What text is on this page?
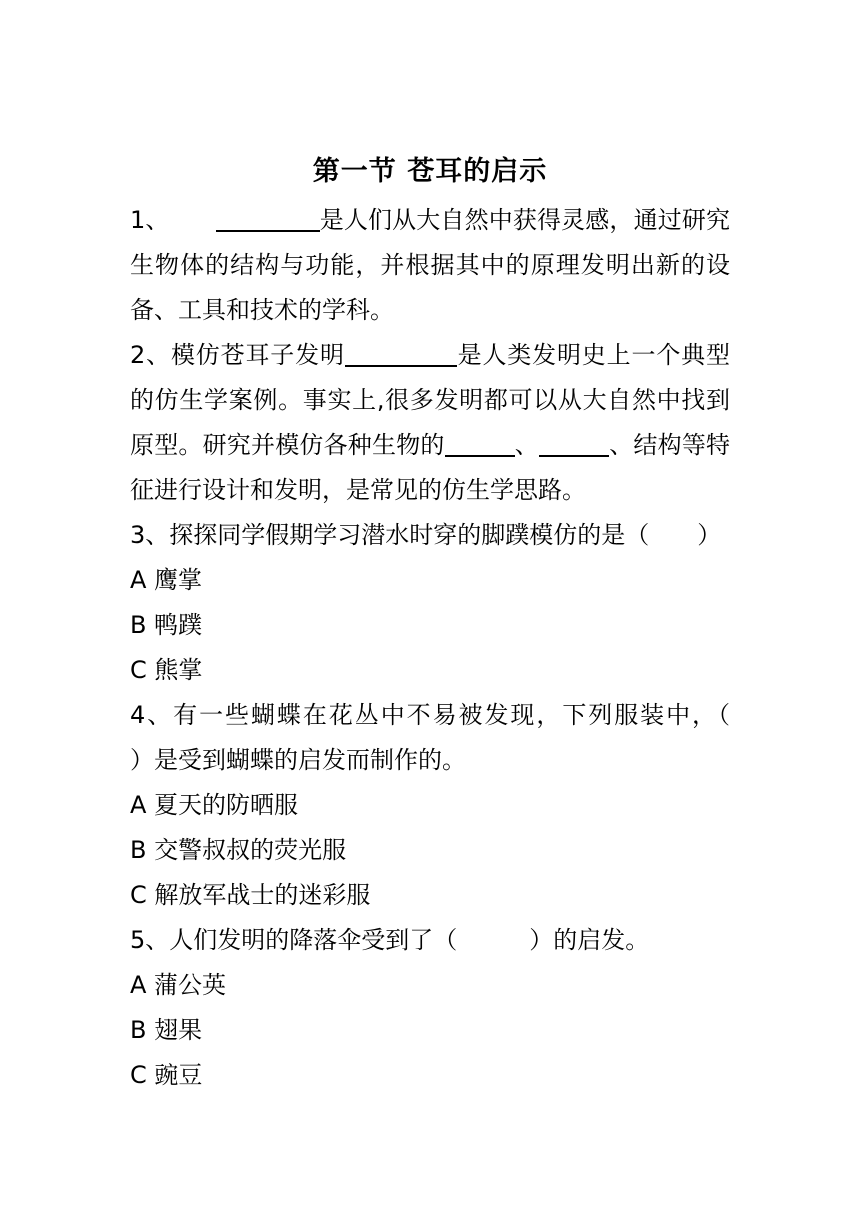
第一节 苍耳的启示
1、	是人们从大自然中获得灵感，通过研究生物体的结构与功能，并根据其中的原理发明出新的设备、工具和技术的学科。
2、模仿苍耳子发明	是人类发明史上一个典型的仿生学案例。事实上,很多发明都可以从大自然中找到原型。研究并模仿各种生物的	、	、结构等特征进行设计和发明，是常见的仿生学思路。
3、探探同学假期学习潜水时穿的脚蹼模仿的是（　　）
A 鹰掌
B 鸭蹼
C 熊掌
4、有一些蝴蝶在花丛中不易被发现，下列服装中，（　　　）是受到蝴蝶的启发而制作的。
A 夏天的防晒服
B 交警叔叔的荧光服
C 解放军战士的迷彩服
5、人们发明的降落伞受到了（　　　）的启发。
A 蒲公英
B 翅果
C 豌豆
